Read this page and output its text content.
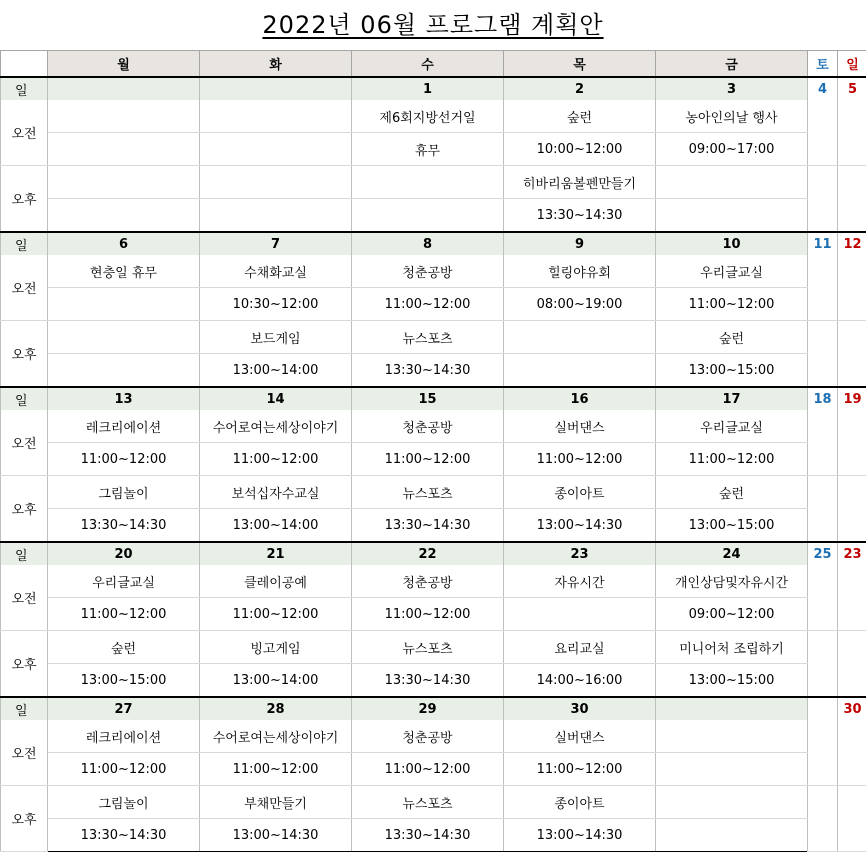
2022년 06월 프로그램 계획안
	월	화	수	목	금	토	일
일			1	2	3	4	5
오전			제6회지방선거일	숲런	농아인의날 행사		
			휴무	10:00~12:00	09:00~17:00		
오후				히바리움볼펜만들기			
				13:30~14:30			
일	6	7	8	9	10	11	12
오전	현충일 휴무	수채화교실	청춘공방	힐링야유회	우리글교실		
		10:30~12:00	11:00~12:00	08:00~19:00	11:00~12:00		
오후		보드게임	뉴스포츠		숲런		
		13:00~14:00	13:30~14:30		13:00~15:00		
일	13	14	15	16	17	18	19
오전	레크리에이션	수어로여는세상이야기	청춘공방	실버댄스	우리글교실		
	11:00~12:00	11:00~12:00	11:00~12:00	11:00~12:00	11:00~12:00		
오후	그림놀이	보석십자수교실	뉴스포츠	종이아트	숲런		
	13:30~14:30	13:00~14:00	13:30~14:30	13:00~14:30	13:00~15:00		
일	20	21	22	23	24	25	23
오전	우리글교실	클레이공예	청춘공방	자유시간	개인상담및자유시간		
	11:00~12:00	11:00~12:00	11:00~12:00		09:00~12:00		
오후	숲런	빙고게임	뉴스포츠	요리교실	미니어처 조립하기		
	13:00~15:00	13:00~14:00	13:30~14:30	14:00~16:00	13:00~15:00		
일	27	28	29	30			30
오전	레크리에이션	수어로여는세상이야기	청춘공방	실버댄스			
	11:00~12:00	11:00~12:00	11:00~12:00	11:00~12:00			
오후	그림놀이	부채만들기	뉴스포츠	종이아트			
	13:30~14:30	13:00~14:30	13:30~14:30	13:00~14:30			
